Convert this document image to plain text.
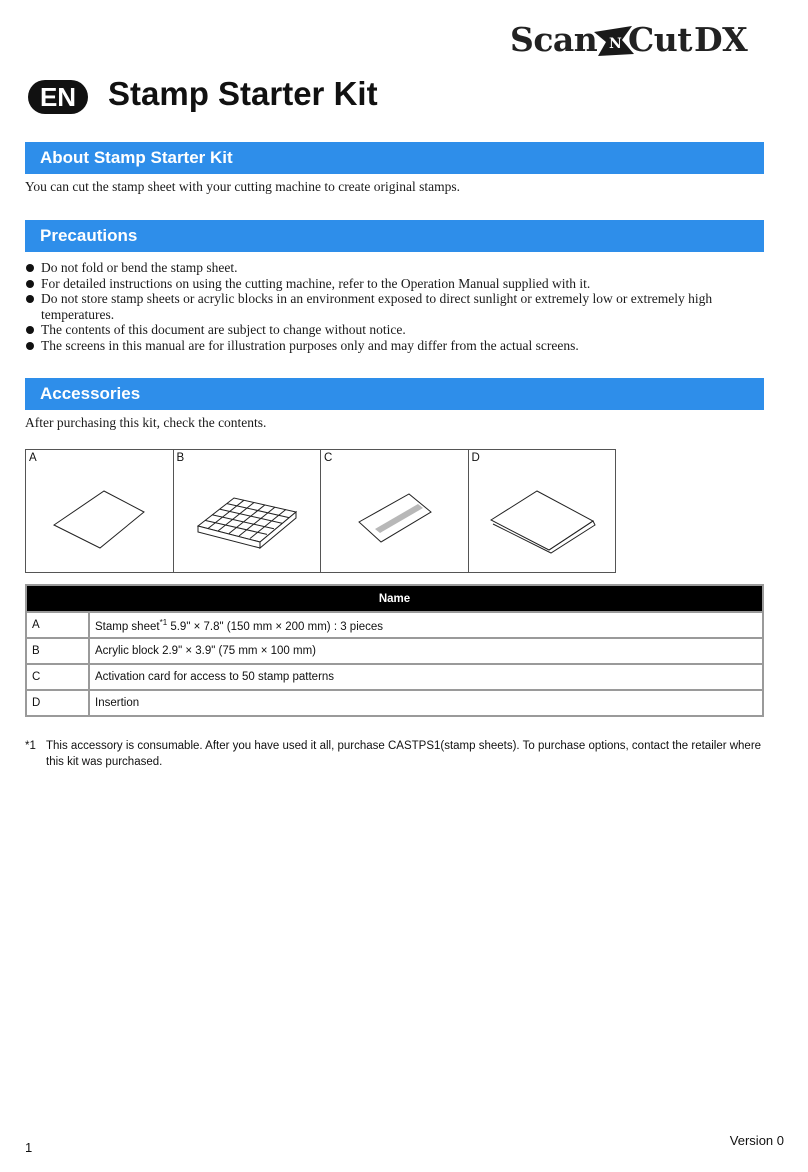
Scan N Cut DX
EN Stamp Starter Kit
About Stamp Starter Kit
You can cut the stamp sheet with your cutting machine to create original stamps.
Precautions
Do not fold or bend the stamp sheet.
For detailed instructions on using the cutting machine, refer to the Operation Manual supplied with it.
Do not store stamp sheets or acrylic blocks in an environment exposed to direct sunlight or extremely low or extremely high temperatures.
The contents of this document are subject to change without notice.
The screens in this manual are for illustration purposes only and may differ from the actual screens.
Accessories
After purchasing this kit, check the contents.
A	B	C	D
Name	
A	Stamp sheet$^{*1}$ 5.9" × 7.8" (150 mm × 200 mm) : 3 pieces
B	Acrylic block 2.9" × 3.9" (75 mm × 100 mm)
C	Activation card for access to 50 stamp patterns
D	Insertion
*1 This accessory is consumable. After you have used it all, purchase CASTPS1(stamp sheets). To purchase options, contact the retailer where this kit was purchased.
1	Version 0
